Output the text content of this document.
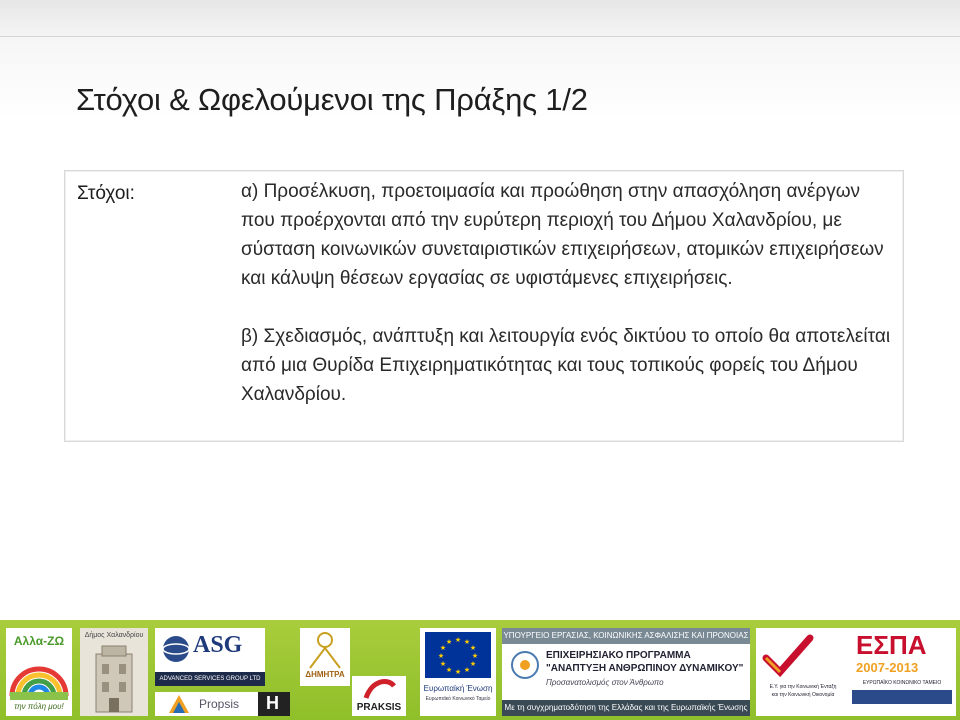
Στόχοι & Ωφελούμενοι της Πράξης 1/2
Στόχοι:	α) Προσέλκυση, προετοιμασία και προώθηση στην απασχόληση ανέργων που προέρχονται από την ευρύτερη περιοχή του Δήμου Χαλανδρίου, με σύσταση κοινωνικών συνεταιριστικών επιχειρήσεων, ατομικών επιχειρήσεων και κάλυψη θέσεων εργασίας σε υφιστάμενες επιχειρήσεις.

β) Σχεδιασμός, ανάπτυξη και λειτουργία ενός δικτύου το οποίο θα αποτελείται από μια Θυρίδα Επιχειρηματικότητας και τους τοπικούς φορείς του Δήμου Χαλανδρίου.

Αλλα-ΖΩ
την πόλη μου!
Δήμος Χαλανδρίου ASG
ADVANCED SERVICES GROUP LTD
Propsis
ΔΗΜΗΤΡΑ
H	PRAKSIS
★ ★
★
★
★
★
★
★
★
★
★
★
Ευρωπαϊκή Ένωση
Ευρωπαϊκό Κοινωνικό Ταμείο
ΥΠΟΥΡΓΕΙΟ ΕΡΓΑΣΙΑΣ, ΚΟΙΝΩΝΙΚΗΣ ΑΣΦΑΛΙΣΗΣ ΚΑΙ ΠΡΟΝΟΙΑΣ
ΕΠΙΧΕΙΡΗΣΙΑΚΟ ΠΡΟΓΡΑΜΜΑ
"ΑΝΑΠΤΥΞΗ ΑΝΘΡΩΠΙΝΟΥ ΔΥΝΑΜΙΚΟΥ"
Προσανατολισμός στον Άνθρωπο
Με τη συγχρηματοδότηση της Ελλάδας και της Ευρωπαϊκής Ένωσης
Ε.Υ. για την Κοινωνική Ένταξη
και την Κοινωνική Οικονομία
ΕΣΠΑ
2007-2013
ΕΥΡΩΠΑΪΚΟ ΚΟΙΝΩΝΙΚΟ ΤΑΜΕΙΟ
